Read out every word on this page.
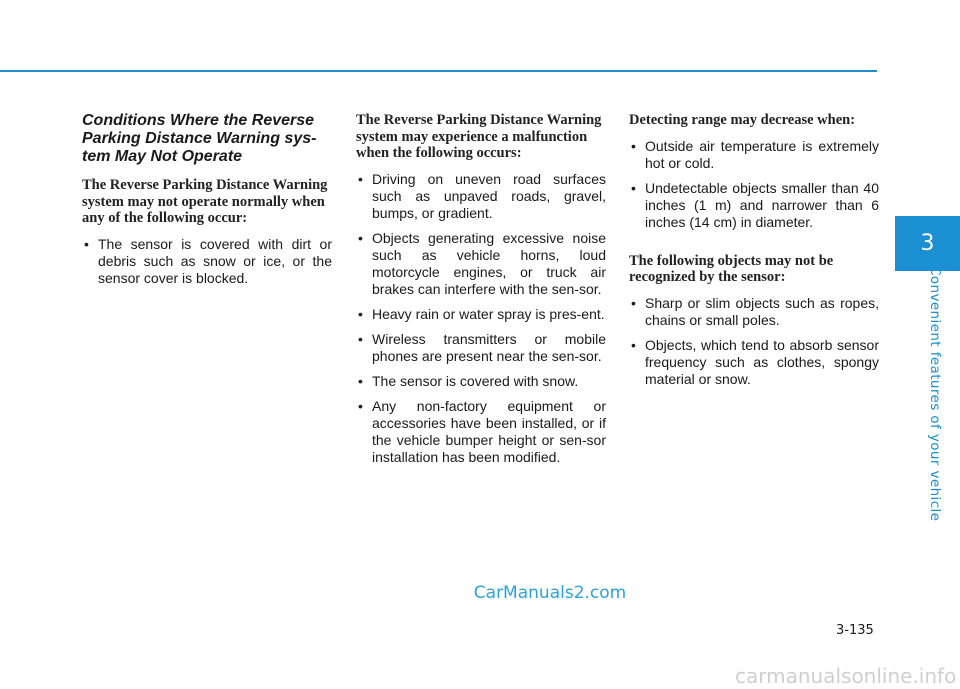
3
Convenient features of your vehicle
Conditions Where the Reverse Parking Distance Warning sys-tem May Not Operate
The Reverse Parking Distance Warning system may not operate normally when any of the following occur:
• The sensor is covered with dirt or debris such as snow or ice, or the sensor cover is blocked.
The Reverse Parking Distance Warning system may experience a malfunction when the following occurs:
• Driving on uneven road surfaces such as unpaved roads, gravel, bumps, or gradient.
• Objects generating excessive noise such as vehicle horns, loud motorcycle engines, or truck air brakes can interfere with the sen-sor.
• Heavy rain or water spray is pres-ent.
• Wireless transmitters or mobile phones are present near the sen-sor.
• The sensor is covered with snow.
• Any non-factory equipment or accessories have been installed, or if the vehicle bumper height or sen-sor installation has been modified.
Detecting range may decrease when:
• Outside air temperature is extremely hot or cold.
• Undetectable objects smaller than 40 inches (1 m) and narrower than 6 inches (14 cm) in diameter.
The following objects may not be recognized by the sensor:
• Sharp or slim objects such as ropes, chains or small poles.
• Objects, which tend to absorb sensor frequency such as clothes, spongy material or snow.
CarManuals2.com
3-135
carmanualsonline.info
